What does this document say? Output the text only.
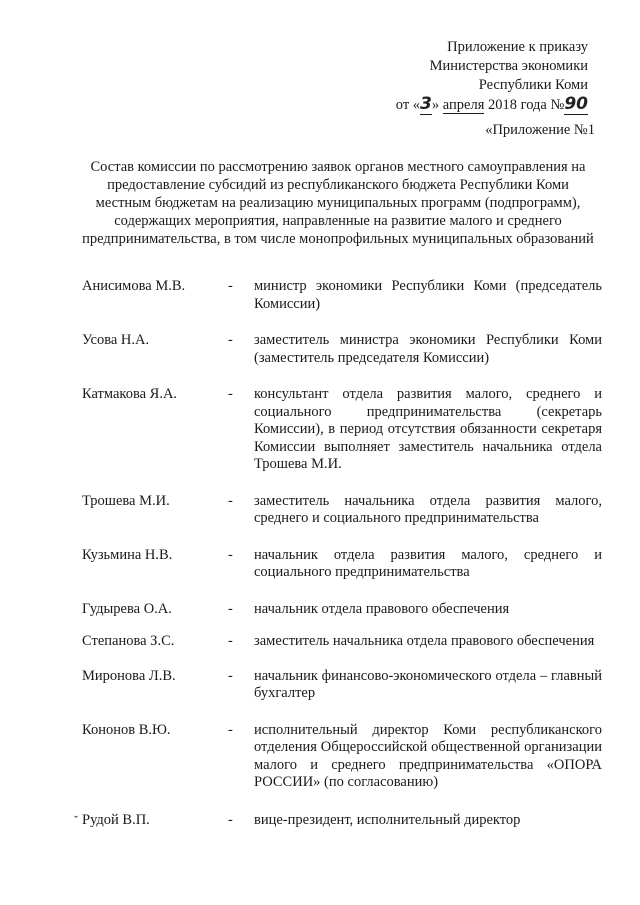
Приложение к приказу
Министерства экономики
Республики Коми
от «3» апреля 2018 года №90
«Приложение №1
Состав комиссии по рассмотрению заявок органов местного самоуправления на предоставление субсидий из республиканского бюджета Республики Коми местным бюджетам на реализацию муниципальных программ (подпрограмм), содержащих мероприятия, направленные на развитие малого и среднего предпринимательства, в том числе монопрофильных муниципальных образований
Анисимова М.В.	-	министр экономики Республики Коми (председатель Комиссии)
Усова Н.А.	-	заместитель министра экономики Республики Коми (заместитель председателя Комиссии)
Катмакова Я.А.	-	консультант отдела развития малого, среднего и социального предпринимательства (секретарь Комиссии), в период отсутствия обязанности секретаря Комиссии выполняет заместитель начальника отдела Трошева М.И.
Трошева М.И.	-	заместитель начальника отдела развития малого, среднего и социального предпринимательства
Кузьмина Н.В.	-	начальник отдела развития малого, среднего и социального предпринимательства
Гудырева О.А.	-	начальник отдела правового обеспечения
Степанова З.С.	-	заместитель начальника отдела правового обеспечения
Миронова Л.В.	-	начальник финансово-экономического отдела – главный бухгалтер
Кононов В.Ю.	-	исполнительный директор Коми республиканского отделения Общероссийской общественной организации малого и среднего предпринимательства «ОПОРА РОССИИ» (по согласованию)
ˇ Рудой В.П.	-	вице-президент, исполнительный директор
